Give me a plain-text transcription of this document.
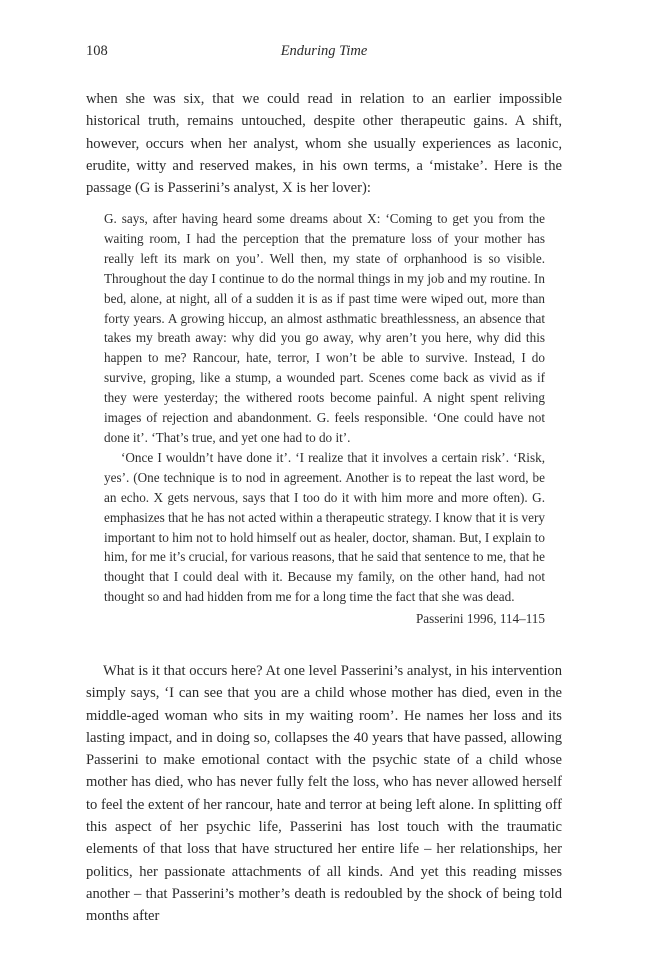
108	Enduring Time

when she was six, that we could read in relation to an earlier impossible historical truth, remains untouched, despite other therapeutic gains. A shift, however, occurs when her analyst, whom she usually experiences as laconic, erudite, witty and reserved makes, in his own terms, a ‘mistake’. Here is the passage (G is Passerini’s analyst, X is her lover):

G. says, after having heard some dreams about X: ‘Coming to get you from the waiting room, I had the perception that the premature loss of your mother has really left its mark on you’. Well then, my state of orphanhood is so visible. Throughout the day I continue to do the normal things in my job and my routine. In bed, alone, at night, all of a sudden it is as if past time were wiped out, more than forty years. A growing hiccup, an almost asthmatic breathlessness, an absence that takes my breath away: why did you go away, why aren’t you here, why did this happen to me? Rancour, hate, terror, I won’t be able to survive. Instead, I do survive, groping, like a stump, a wounded part. Scenes come back as vivid as if they were yesterday; the withered roots become painful. A night spent reliving images of rejection and abandonment. G. feels responsible. ‘One could have not done it’. ‘That’s true, and yet one had to do it’.

‘Once I wouldn’t have done it’. ‘I realize that it involves a certain risk’. ‘Risk, yes’. (One technique is to nod in agreement. Another is to repeat the last word, be an echo. X gets nervous, says that I too do it with him more and more often). G. emphasizes that he has not acted within a therapeutic strategy. I know that it is very important to him not to hold himself out as healer, doctor, shaman. But, I explain to him, for me it’s crucial, for various reasons, that he said that sentence to me, that he thought that I could deal with it. Because my family, on the other hand, had not thought so and had hidden from me for a long time the fact that she was dead.

Passerini 1996, 114–115

What is it that occurs here? At one level Passerini’s analyst, in his intervention simply says, ‘I can see that you are a child whose mother has died, even in the middle-aged woman who sits in my waiting room’. He names her loss and its lasting impact, and in doing so, collapses the 40 years that have passed, allowing Passerini to make emotional contact with the psychic state of a child whose mother has died, who has never fully felt the loss, who has never allowed herself to feel the extent of her rancour, hate and terror at being left alone. In splitting off this aspect of her psychic life, Passerini has lost touch with the traumatic elements of that loss that have structured her entire life – her relationships, her politics, her passionate attachments of all kinds. And yet this reading misses another – that Passerini’s mother’s death is redoubled by the shock of being told months after
